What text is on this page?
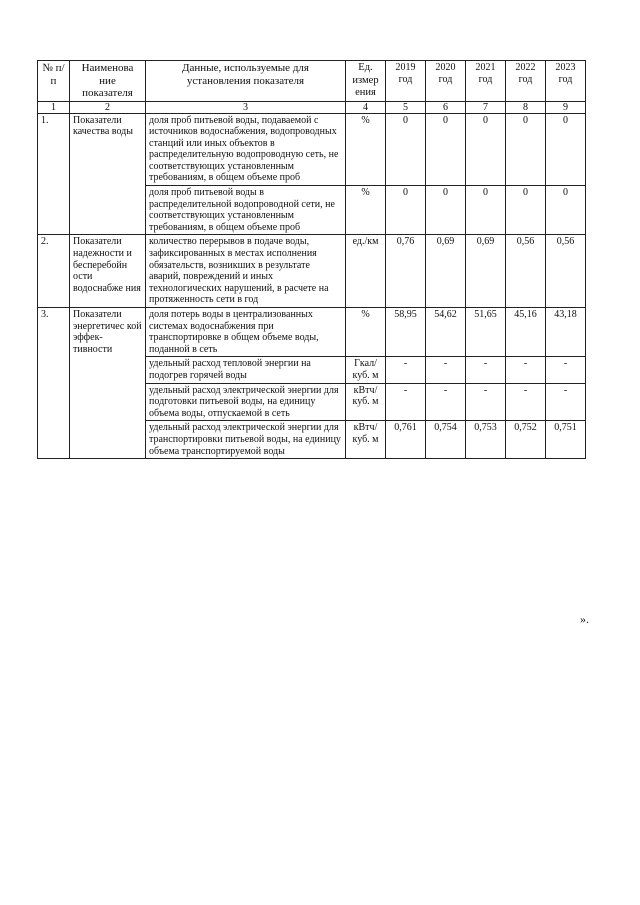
№ п/п	Наименова ние показателя	Данные, используемые для установления показателя	Ед. измер ения	2019 год	2020 год	2021 год	2022 год	2023 год
1	2	3	4	5	6	7	8	9
1.	Показатели качества воды	доля проб питьевой воды, подаваемой с источников водоснабжения, водопроводных станций или иных объектов в распределительную водопроводную сеть, не соответствующих установленным требованиям, в общем объеме проб	%	0	0	0	0	0
		доля проб питьевой воды в распределительной водопроводной сети, не соответствующих установленным требованиям, в общем объеме проб	%	0	0	0	0	0
2.	Показатели надежности и бесперебойн ости водоснабже ния	количество перерывов в подаче воды, зафиксированных в местах исполнения обязательств, возникших в результате аварий, повреждений и иных технологических нарушений, в расчете на протяженность сети в год	ед./км	0,76	0,69	0,69	0,56	0,56
3.	Показатели энергетичес кой эффек- тивности	доля потерь воды в централизованных системах водоснабжения при транспортировке в общем объеме воды, поданной в сеть	%	58,95	54,62	51,65	45,16	43,18
		удельный расход тепловой энергии на подогрев горячей воды	Гкал/ куб. м	-	-	-	-	-
		удельный расход электрической энергии для подготовки питьевой воды, на единицу объема воды, отпускаемой в сеть	кВтч/ куб. м	-	-	-	-	-
		удельный расход электрической энергии для транспортировки питьевой воды, на единицу объема транспортируемой воды	кВтч/ куб. м	0,761	0,754	0,753	0,752	0,751
».
